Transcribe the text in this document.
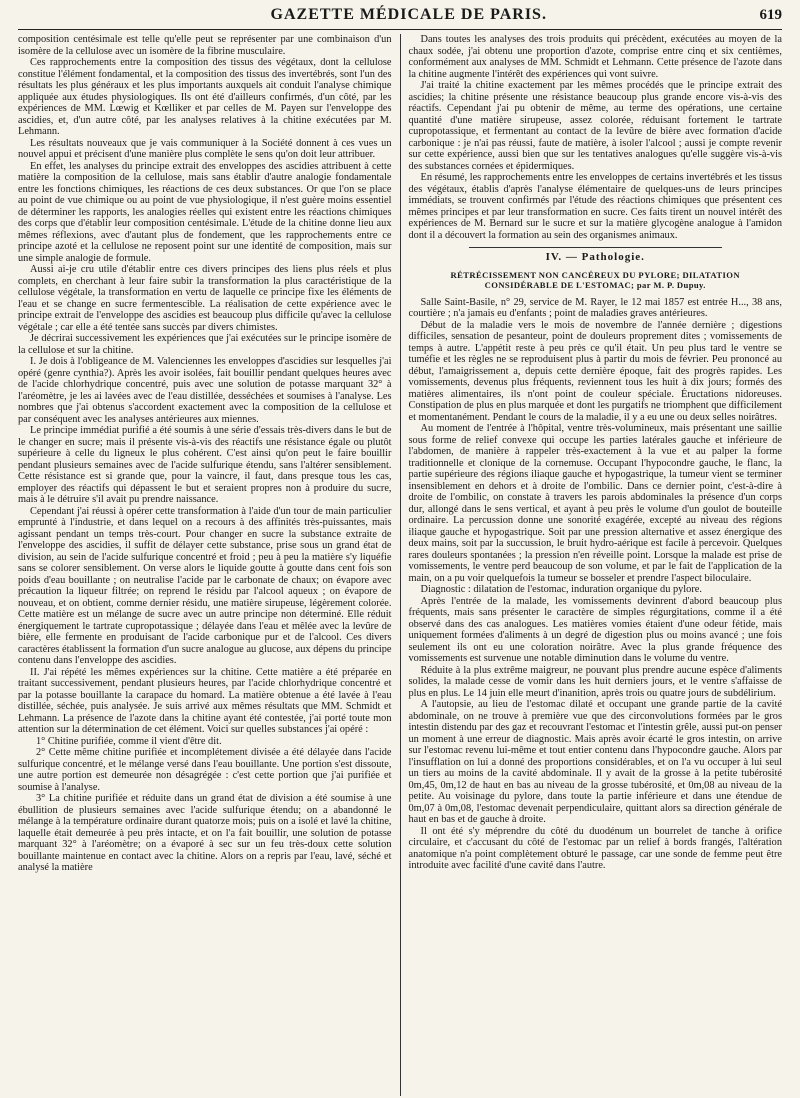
GAZETTE MÉDICALE DE PARIS.	619

composition centésimale est telle qu'elle peut se représenter par une combinaison d'un isomère de la cellulose avec un isomère de la fibrine musculaire.

Ces rapprochements entre la composition des tissus des végétaux, dont la cellulose constitue l'élément fondamental, et la composition des tissus des invertébrés, sont l'un des résultats les plus généraux et les plus importants auxquels ait conduit l'analyse chimique appliquée aux études physiologiques. Ils ont été d'ailleurs confirmés, d'un côté, par les expériences de MM. Lœwig et Kœlliker et par celles de M. Payen sur l'enveloppe des ascidies, et, d'un autre côté, par les analyses relatives à la chitine exécutées par M. Lehmann.

Les résultats nouveaux que je vais communiquer à la Société donnent à ces vues un nouvel appui et précisent d'une manière plus complète le sens qu'on doit leur attribuer.

En effet, les analyses du principe extrait des enveloppes des ascidies attribuent à cette matière la composition de la cellulose, mais sans établir d'autre analogie fondamentale entre les fonctions chimiques, les réactions de ces deux substances. Or que l'on se place au point de vue chimique ou au point de vue physiologique, il n'est guère moins essentiel de déterminer les rapports, les analogies réelles qui existent entre les réactions chimiques des corps que d'établir leur composition centésimale. L'étude de la chitine donne lieu aux mêmes réflexions, avec d'autant plus de fondement, que les rapprochements entre ce principe azoté et la cellulose ne reposent point sur une identité de composition, mais sur une simple analogie de formule.

Aussi ai-je cru utile d'établir entre ces divers principes des liens plus réels et plus complets, en cherchant à leur faire subir la transformation la plus caractéristique de la cellulose végétale, la transformation en vertu de laquelle ce principe fixe les éléments de l'eau et se change en sucre fermentescible. La réalisation de cette expérience avec le principe extrait de l'enveloppe des ascidies est beaucoup plus difficile qu'avec la cellulose végétale ; car elle a été tentée sans succès par divers chimistes.

Je décrirai successivement les expériences que j'ai exécutées sur le principe isomère de la cellulose et sur la chitine.

I. Je dois à l'obligeance de M. Valenciennes les enveloppes d'ascidies sur lesquelles j'ai opéré (genre cynthia?). Après les avoir isolées, fait bouillir pendant quelques heures avec de l'acide chlorhydrique concentré, puis avec une solution de potasse marquant 32° à l'aréomètre, je les ai lavées avec de l'eau distillée, desséchées et soumises à l'analyse. Les nombres que j'ai obtenus s'accordent exactement avec la composition de la cellulose et par conséquent avec les analyses antérieures aux miennes.

Le principe immédiat purifié a été soumis à une série d'essais très-divers dans le but de le changer en sucre; mais il présente vis-à-vis des réactifs une résistance égale ou plutôt supérieure à celle du ligneux le plus cohérent. C'est ainsi qu'on peut le faire bouillir pendant plusieurs semaines avec de l'acide sulfurique étendu, sans l'altérer sensiblement. Cette résistance est si grande que, pour la vaincre, il faut, dans presque tous les cas, employer des réactifs qui dépassent le but et seraient propres non à produire du sucre, mais à le détruire s'il avait pu prendre naissance.

Cependant j'ai réussi à opérer cette transformation à l'aide d'un tour de main particulier emprunté à l'industrie, et dans lequel on a recours à des affinités très-puissantes, mais agissant pendant un temps très-court. Pour changer en sucre la substance extraite de l'enveloppe des ascidies, il suffit de délayer cette substance, prise sous un grand état de division, au sein de l'acide sulfurique concentré et froid ; peu à peu la matière s'y liquéfie sans se colorer sensiblement. On verse alors le liquide goutte à goutte dans cent fois son poids d'eau bouillante ; on neutralise l'acide par le carbonate de chaux; on évapore avec précaution la liqueur filtrée; on reprend le résidu par l'alcool aqueux ; on évapore de nouveau, et on obtient, comme dernier résidu, une matière sirupeuse, légèrement colorée. Cette matière est un mélange de sucre avec un autre principe non déterminé. Elle réduit énergiquement le tartrate cupropotassique ; délayée dans l'eau et mêlée avec la levûre de bière, elle fermente en produisant de l'acide carbonique pur et de l'alcool. Ces divers caractères établissent la formation d'un sucre analogue au glucose, aux dépens du principe contenu dans l'enveloppe des ascidies.

II. J'ai répété les mêmes expériences sur la chitine. Cette matière a été préparée en traitant successivement, pendant plusieurs heures, par l'acide chlorhydrique concentré et par la potasse bouillante la carapace du homard. La matière obtenue a été lavée à l'eau distillée, séchée, puis analysée. Je suis arrivé aux mêmes résultats que MM. Schmidt et Lehmann. La présence de l'azote dans la chitine ayant été contestée, j'ai porté toute mon attention sur la détermination de cet élément. Voici sur quelles substances j'ai opéré :

1° Chitine purifiée, comme il vient d'être dit.

2° Cette même chitine purifiée et incomplétement divisée a été délayée dans l'acide sulfurique concentré, et le mélange versé dans l'eau bouillante. Une portion s'est dissoute, une autre portion est demeurée non désagrégée : c'est cette portion que j'ai purifiée et soumise à l'analyse.

3° La chitine purifiée et réduite dans un grand état de division a été soumise à une ébullition de plusieurs semaines avec l'acide sulfurique étendu; on a abandonné le mélange à la température ordinaire durant quatorze mois; puis on a isolé et lavé la chitine, laquelle était demeurée à peu près intacte, et on l'a fait bouillir, une solution de potasse marquant 32° à l'aréomètre; on a évaporé à sec sur un feu très-doux cette solution bouillante maintenue en contact avec la chitine. Alors on a repris par l'eau, lavé, séché et analysé la matière

Dans toutes les analyses des trois produits qui précèdent, exécutées au moyen de la chaux sodée, j'ai obtenu une proportion d'azote, comprise entre cinq et six centièmes, conformément aux analyses de MM. Schmidt et Lehmann. Cette présence de l'azote dans la chitine augmente l'intérêt des expériences qui vont suivre.

J'ai traité la chitine exactement par les mêmes procédés que le principe extrait des ascidies; la chitine présente une résistance beaucoup plus grande encore vis-à-vis des réactifs. Cependant j'ai pu obtenir de même, au terme des opérations, une certaine quantité d'une matière sirupeuse, assez colorée, réduisant fortement le tartrate cupropotassique, et fermentant au contact de la levûre de bière avec formation d'acide carbonique : je n'ai pas réussi, faute de matière, à isoler l'alcool ; aussi je compte revenir sur cette expérience, aussi bien que sur les tentatives analogues qu'elle suggère vis-à-vis des substances cornées et épidermiques.

En résumé, les rapprochements entre les enveloppes de certains invertébrés et les tissus des végétaux, établis d'après l'analyse élémentaire de quelques-uns de leurs principes immédiats, se trouvent confirmés par l'étude des réactions chimiques que présentent ces mêmes principes et par leur transformation en sucre. Ces faits tirent un nouvel intérêt des expériences de M. Bernard sur le sucre et sur la matière glycogène analogue à l'amidon dont il a découvert la formation au sein des organismes animaux.

IV. — Pathologie.
RÉTRÉCISSEMENT NON CANCÉREUX DU PYLORE; DILATATION CONSIDÉRABLE DE L'ESTOMAC; par M. P. Dupuy.

Salle Saint-Basile, n° 29, service de M. Rayer, le 12 mai 1857 est entrée H..., 38 ans, courtière ; n'a jamais eu d'enfants ; point de maladies graves antérieures.

Début de la maladie vers le mois de novembre de l'année dernière ; digestions difficiles, sensation de pesanteur, point de douleurs proprement dites ; vomissements de temps à autre. L'appétit reste à peu près ce qu'il était. Un peu plus tard le ventre se tuméfie et les règles ne se reproduisent plus à partir du mois de février. Peu prononcé au début, l'amaigrissement a, depuis cette dernière époque, fait des progrès rapides. Les vomissements, devenus plus fréquents, reviennent tous les huit à dix jours; formés des matières alimentaires, ils n'ont point de couleur spéciale. Éructations nidoreuses. Constipation de plus en plus marquée et dont les purgatifs ne triomphent que difficilement et momentanément. Pendant le cours de la maladie, il y a eu une ou deux selles noirâtres.

Au moment de l'entrée à l'hôpital, ventre très-volumineux, mais présentant une saillie sous forme de relief convexe qui occupe les parties latérales gauche et inférieure de l'abdomen, de manière à rappeler très-exactement à la vue et au palper la forme traditionnelle et clonique de la cornemuse. Occupant l'hypocondre gauche, le flanc, la partie supérieure des régions iliaque gauche et hypogastrique, la tumeur vient se terminer insensiblement en dehors et à droite de l'ombilic. Dans ce dernier point, c'est-à-dire à droite de l'ombilic, on constate à travers les parois abdominales la présence d'un corps dur, allongé dans le sens vertical, et ayant à peu près le volume d'un goulot de bouteille ordinaire. La percussion donne une sonorité exagérée, excepté au niveau des régions iliaque gauche et hypogastrique. Soit par une pression alternative et assez énergique des deux mains, soit par la succussion, le bruit hydro-aérique est facile à percevoir. Quelques rares douleurs spontanées ; la pression n'en réveille point. Lorsque la malade est prise de vomissements, le ventre perd beaucoup de son volume, et par le fait de l'application de la main, on a pu voir quelquefois la tumeur se bosseler et prendre l'aspect biloculaire.

Diagnostic : dilatation de l'estomac, induration organique du pylore.

Après l'entrée de la malade, les vomissements devinrent d'abord beaucoup plus fréquents, mais sans présenter le caractère de simples régurgitations, comme il a été observé dans des cas analogues. Les matières vomies étaient d'une odeur fétide, mais uniquement formées d'aliments à un degré de digestion plus ou moins avancé ; une fois seulement ils ont eu une coloration noirâtre. Avec la plus grande fréquence des vomissements est survenue une notable diminution dans le volume du ventre.

Réduite à la plus extrême maigreur, ne pouvant plus prendre aucune espèce d'aliments solides, la malade cesse de vomir dans les huit derniers jours, et le ventre s'affaisse de plus en plus. Le 14 juin elle meurt d'inanition, après trois ou quatre jours de subdélirium.

A l'autopsie, au lieu de l'estomac dilaté et occupant une grande partie de la cavité abdominale, on ne trouve à première vue que des circonvolutions formées par le gros intestin distendu par des gaz et recouvrant l'estomac et l'intestin grêle, aussi put-on penser un moment à une erreur de diagnostic. Mais après avoir écarté le gros intestin, on arrive sur l'estomac revenu lui-même et tout entier contenu dans l'hypocondre gauche. Alors par l'insufflation on lui a donné des proportions considérables, et on l'a vu occuper à lui seul un tiers au moins de la cavité abdominale. Il y avait de la grosse à la petite tubérosité 0m,45, 0m,12 de haut en bas au niveau de la grosse tubérosité, et 0m,08 au niveau de la petite. Au voisinage du pylore, dans toute la partie inférieure et dans une étendue de 0m,07 à 0m,08, l'estomac devenait perpendiculaire, quittant alors sa direction générale de haut en bas et de gauche à droite.

Il ont été s'y méprendre du côté du duodénum un bourrelet de tanche à orifice circulaire, et c'accusant du côté de l'estomac par un relief à bords frangés, l'altération anatomique n'a point complètement obturé le passage, car une sonde de femme peut être introduite avec facilité d'une cavité dans l'autre.
